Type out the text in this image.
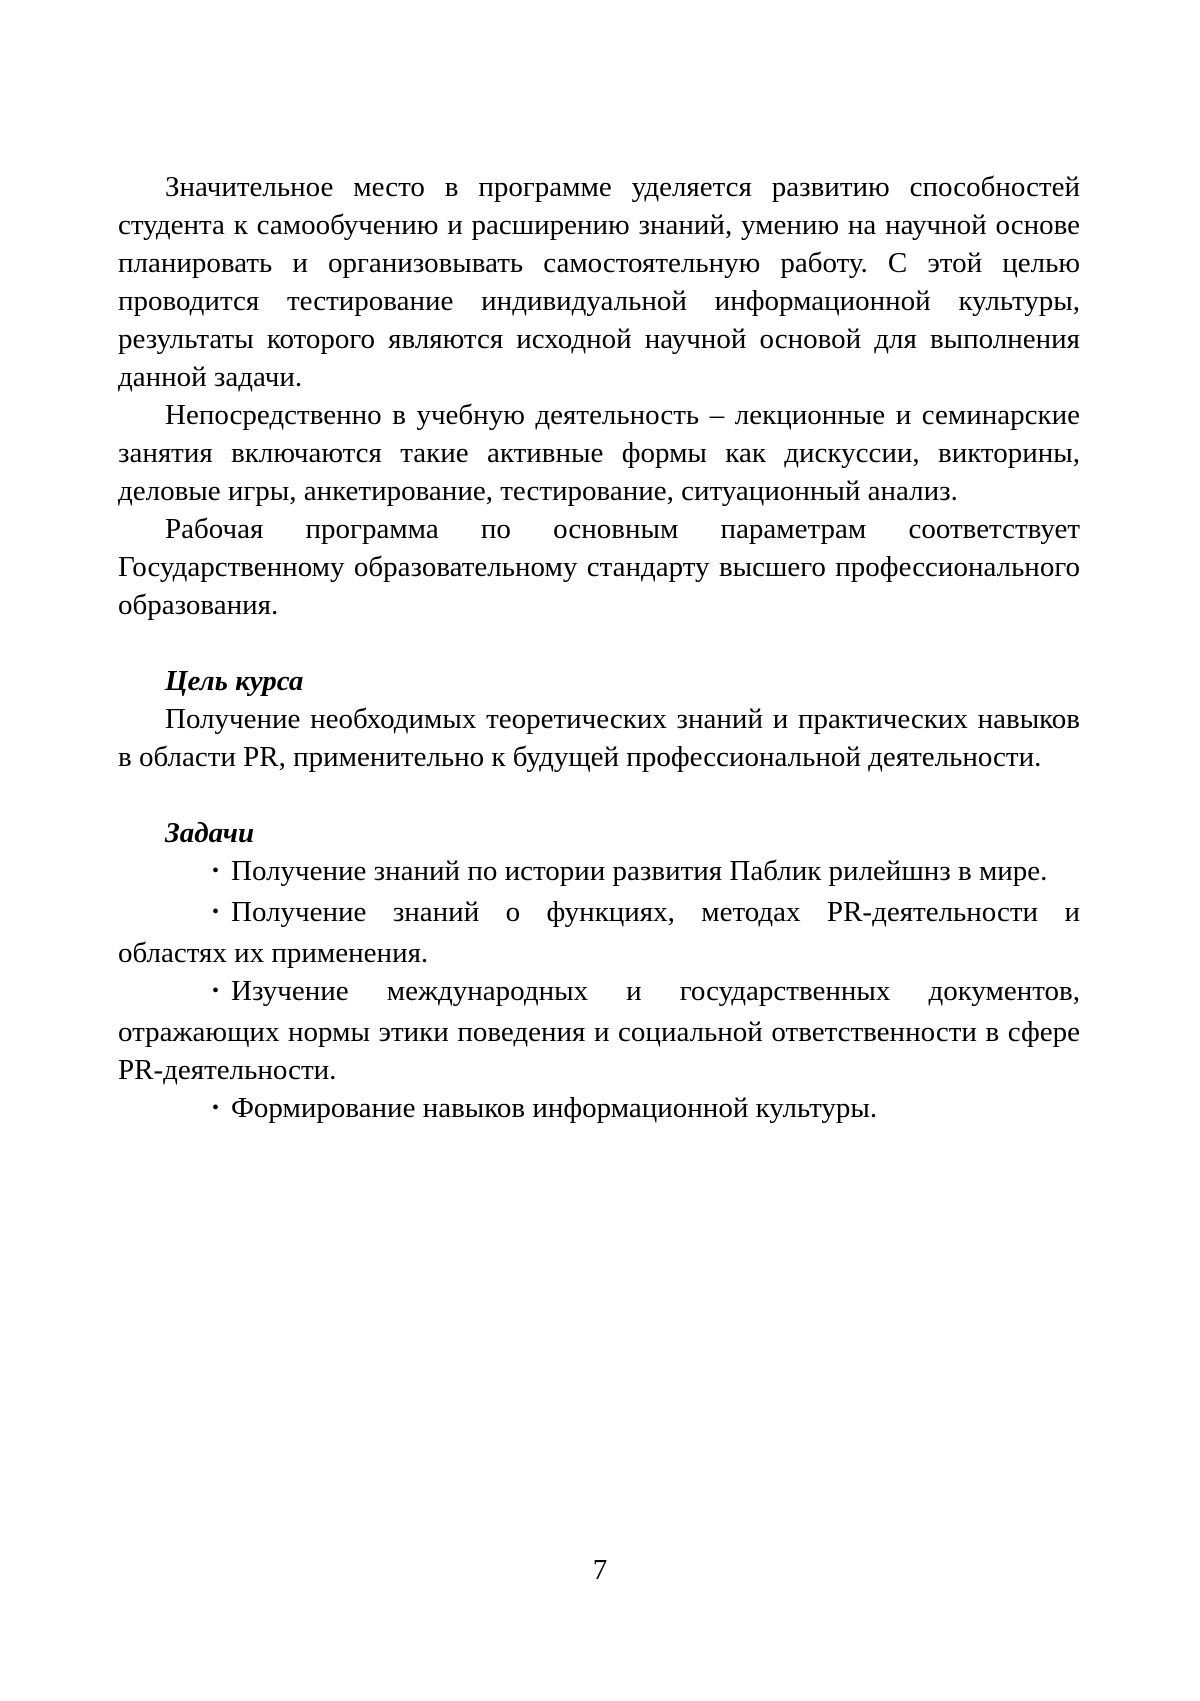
Значительное место в программе уделяется развитию способностей студента к самообучению и расширению знаний, умению на научной основе планировать и организовывать самостоятельную работу. С этой целью проводится тестирование индивидуальной информационной культуры, результаты которого являются исходной научной основой для выполнения данной задачи.

Непосредственно в учебную деятельность – лекционные и семинарские занятия включаются такие активные формы как дискуссии, викторины, деловые игры, анкетирование, тестирование, ситуационный анализ.

Рабочая программа по основным параметрам соответствует Государственному образовательному стандарту высшего профессионального образования.

Цель курса

Получение необходимых теоретических знаний и практических навыков в области PR, применительно к будущей профессиональной деятельности.

Задачи

• Получение знаний по истории развития Паблик рилейшнз в мире.

• Получение знаний о функциях, методах PR-деятельности и областях их применения.

• Изучение международных и государственных документов, отражающих нормы этики поведения и социальной ответственности в сфере PR-деятельности.

• Формирование навыков информационной культуры.

7
